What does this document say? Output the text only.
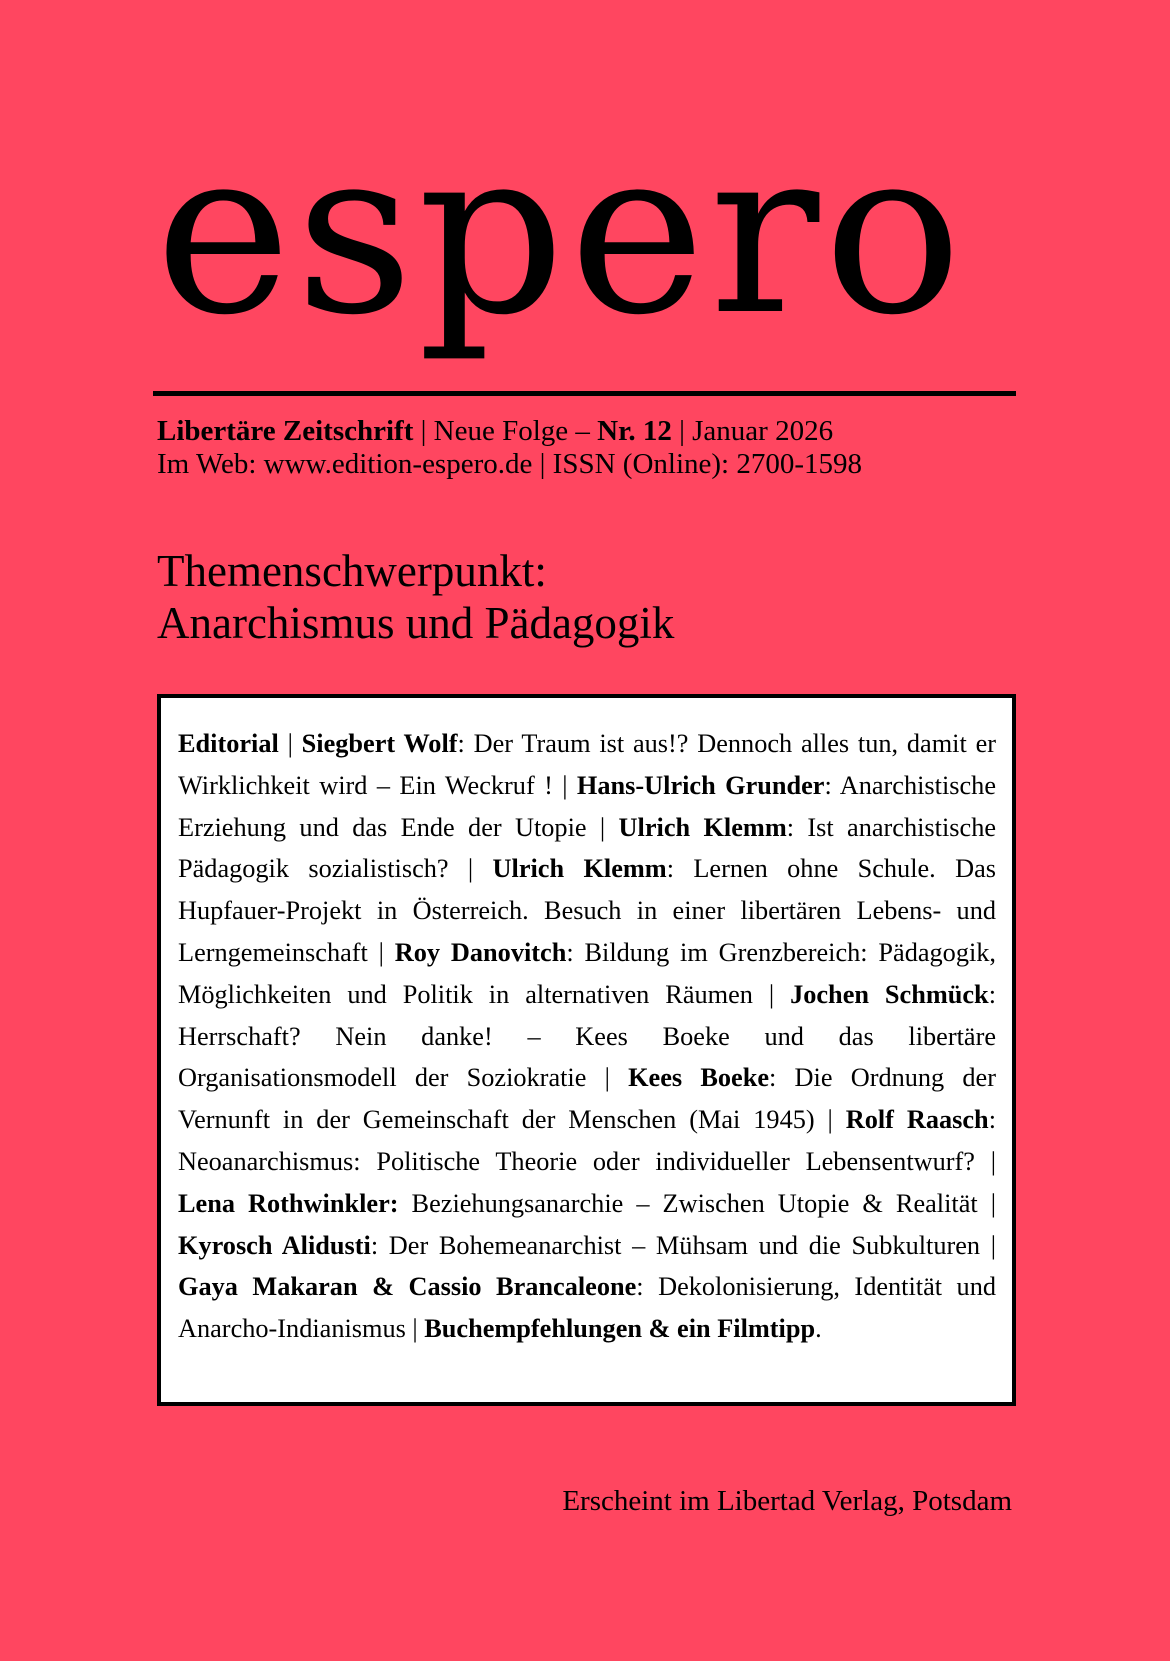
espero
Libertäre Zeitschrift | Neue Folge – Nr. 12 | Januar 2026
Im Web: www.edition-espero.de | ISSN (Online): 2700-1598
Themenschwerpunkt:
Anarchismus und Pädagogik
Editorial | Siegbert Wolf: Der Traum ist aus!? Dennoch alles tun, damit er Wirklichkeit wird – Ein Weckruf ! | Hans-Ulrich Grunder: Anarchistische Erziehung und das Ende der Utopie | Ulrich Klemm: Ist anarchistische Pädagogik sozialistisch? | Ulrich Klemm: Lernen ohne Schule. Das Hupfauer-Projekt in Österreich. Besuch in einer libertären Lebens- und Lerngemeinschaft | Roy Danovitch: Bildung im Grenzbereich: Pädagogik, Möglichkeiten und Politik in alternativen Räumen | Jochen Schmück: Herrschaft? Nein danke! – Kees Boeke und das libertäre Organisationsmodell der Soziokratie | Kees Boeke: Die Ordnung der Vernunft in der Gemeinschaft der Menschen (Mai 1945) | Rolf Raasch: Neoanarchismus: Politische Theorie oder individueller Lebensentwurf? | Lena Rothwinkler: Beziehungsanarchie – Zwischen Utopie & Realität | Kyrosch Alidusti: Der Bohemeanarchist – Mühsam und die Subkulturen | Gaya Makaran & Cassio Brancaleone: Dekolonisierung, Identität und Anarcho-Indianismus | Buchempfehlungen & ein Filmtipp.
Erscheint im Libertad Verlag, Potsdam
